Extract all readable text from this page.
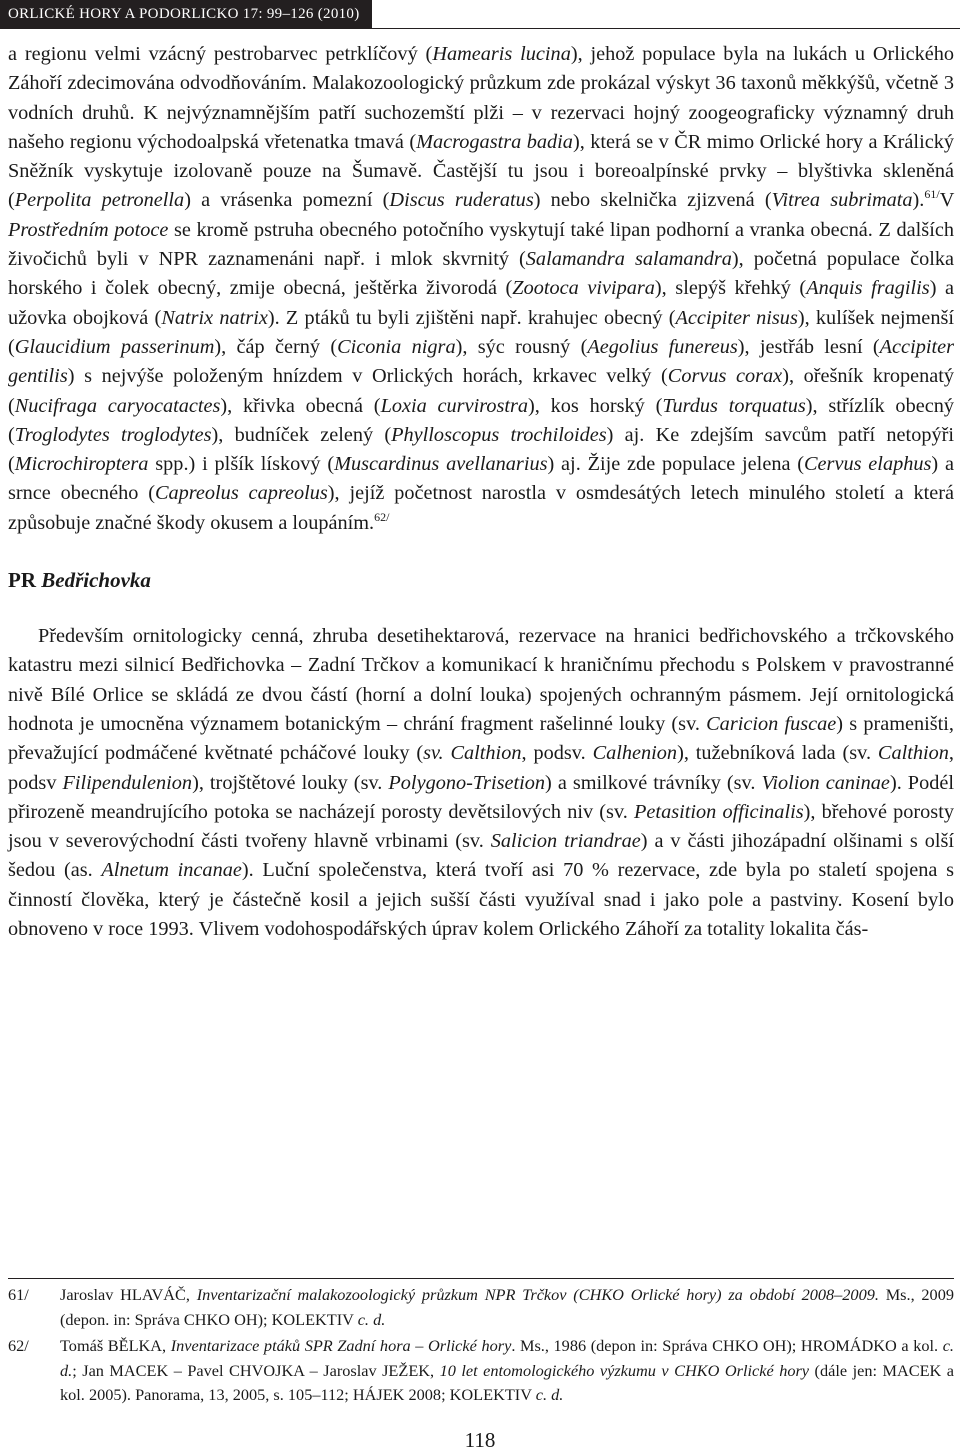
ORLICKÉ HORY A PODORLICKO 17: 99–126 (2010)

a regionu velmi vzácný pestrobarvec petrklíčový (Hamearis lucina), jehož populace byla na lukách u Orlického Záhoří zdecimována odvodňováním. Malakozoologický průzkum zde prokázal výskyt 36 taxonů měkkýšů, včetně 3 vodních druhů. K nejvýznamnějším patří suchozemští plži – v rezervaci hojný zoogeograficky významný druh našeho regionu východoalpská vřetenatka tmavá (Macrogastra badia), která se v ČR mimo Orlické hory a Králický Sněžník vyskytuje izolovaně pouze na Šumavě. Častější tu jsou i boreoalpínské prvky – blyštivka skleněná (Perpolita petronella) a vrásenka pomezní (Discus ruderatus) nebo skelnička zjizvená (Vitrea subrimata).$^{61/}$V Prostředním potoce se kromě pstruha obecného potočního vyskytují také lipan podhorní a vranka obecná. Z dalších živočichů byli v NPR zaznamenáni např. i mlok skvrnitý (Salamandra salamandra), početná populace čolka horského i čolek obecný, zmije obecná, ještěrka živorodá (Zootoca vivipara), slepýš křehký (Anquis fragilis) a užovka obojková (Natrix natrix). Z ptáků tu byli zjištěni např. krahujec obecný (Accipiter nisus), kulíšek nejmenší (Glaucidium passerinum), čáp černý (Ciconia nigra), sýc rousný (Aegolius funereus), jestřáb lesní (Accipiter gentilis) s nejvýše položeným hnízdem v Orlických horách, krkavec velký (Corvus corax), ořešník kropenatý (Nucifraga caryocatactes), křivka obecná (Loxia curvirostra), kos horský (Turdus torquatus), střízlík obecný (Troglodytes troglodytes), budníček zelený (Phylloscopus trochiloides) aj. Ke zdejším savcům patří netopýři (Microchiroptera spp.) i plšík lískový (Muscardinus avellanarius) aj. Žije zde populace jelena (Cervus elaphus) a srnce obecného (Capreolus capreolus), jejíž početnost narostla v osmdesátých letech minulého století a která způsobuje značné škody okusem a loupáním.$^{62/}$

PR Bedřichovka

Především ornitologicky cenná, zhruba desetihektarová, rezervace na hranici bedřichovského a trčkovského katastru mezi silnicí Bedřichovka – Zadní Trčkov a komunikací k hraničnímu přechodu s Polskem v pravostranné nivě Bílé Orlice se skládá ze dvou částí (horní a dolní louka) spojených ochranným pásmem. Její ornitologická hodnota je umocněna významem botanickým – chrání fragment rašelinné louky (sv. Caricion fuscae) s prameništi, převažující podmáčené květnaté pcháčové louky (sv. Calthion, podsv. Calhenion), tužebníková lada (sv. Calthion, podsv Filipendulenion), trojštětové louky (sv. Polygono-Trisetion) a smilkové trávníky (sv. Violion caninae). Podél přirozeně meandrujícího potoka se nacházejí porosty devětsilových niv (sv. Petasition officinalis), břehové porosty jsou v severovýchodní části tvořeny hlavně vrbinami (sv. Salicion triandrae) a v části jihozápadní olšinami s olší šedou (as. Alnetum incanae). Luční společenstva, která tvoří asi 70 % rezervace, zde byla po staletí spojena s činností člověka, který je částečně kosil a jejich sušší části využíval snad i jako pole a pastviny. Kosení bylo obnoveno v roce 1993. Vlivem vodohospodářských úprav kolem Orlického Záhoří za totality lokalita čás-

61/	Jaroslav HLAVÁČ, Inventarizační malakozoologický průzkum NPR Trčkov (CHKO Orlické hory) za období 2008–2009. Ms., 2009 (depon. in: Správa CHKO OH); KOLEKTIV c. d.
62/	Tomáš BĚLKA, Inventarizace ptáků SPR Zadní hora – Orlické hory. Ms., 1986 (depon in: Správa CHKO OH); HROMÁDKO a kol. c. d.; Jan MACEK – Pavel CHVOJKA – Jaroslav JEŽEK, 10 let entomologického výzkumu v CHKO Orlické hory (dále jen: MACEK a kol. 2005). Panorama, 13, 2005, s. 105–112; HÁJEK 2008; KOLEKTIV c. d.
118
